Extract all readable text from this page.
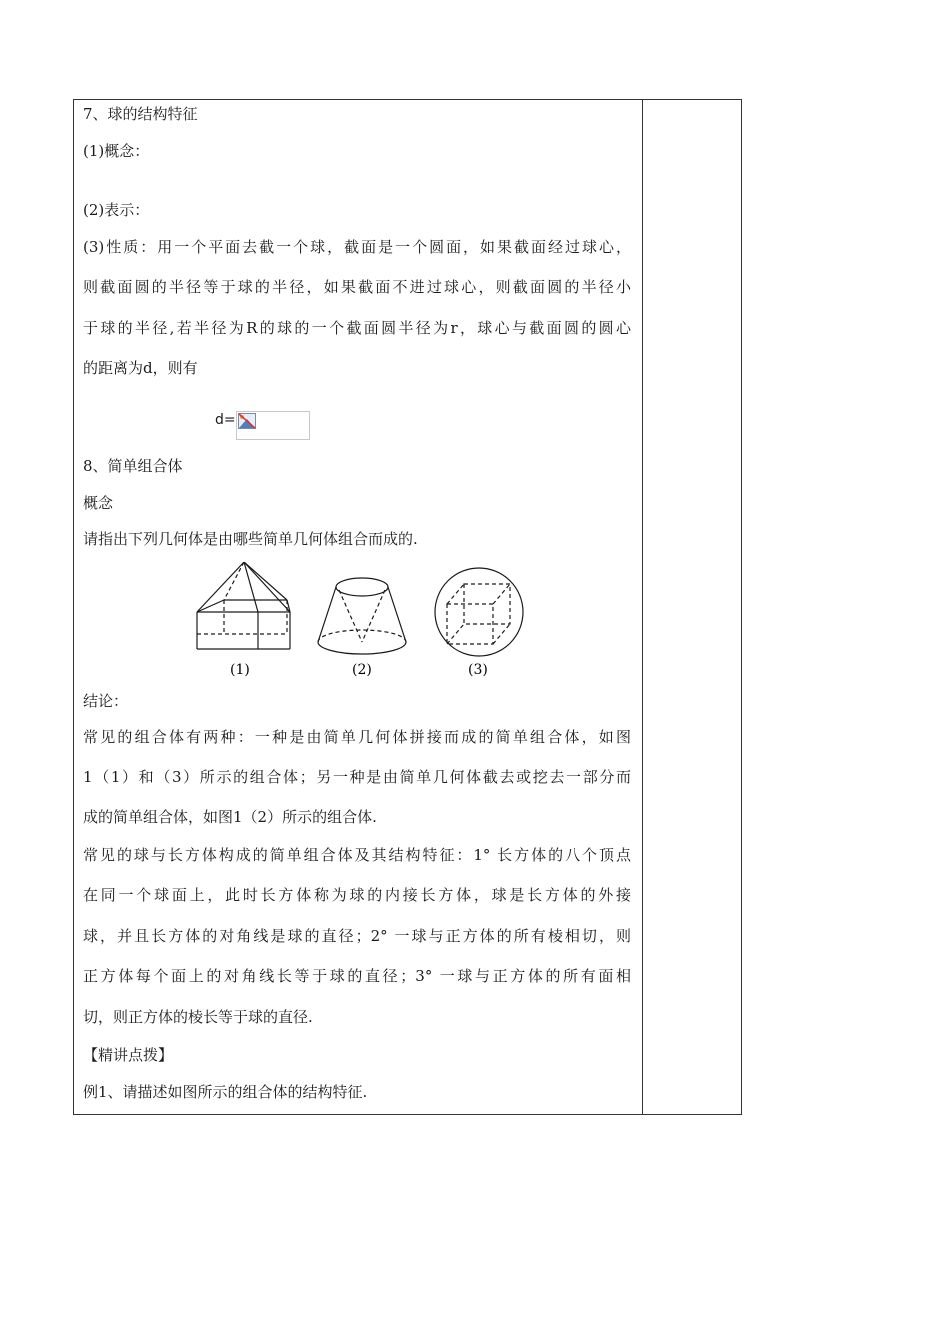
7、球的结构特征
(1)概念：
(2)表示：
(3)性质：用一个平面去截一个球，截面是一个圆面，如果截面经过球心，
则截面圆的半径等于球的半径，如果截面不进过球心，则截面圆的半径小
于球的半径,若半径为R的球的一个截面圆半径为r，球心与截面圆的圆心
的距离为d，则有
d=
8、简单组合体
概念
请指出下列几何体是由哪些简单几何体组合而成的.
(1)	(2)	(3)
结论：
常见的组合体有两种：一种是由简单几何体拼接而成的简单组合体，如图
1（1）和（3）所示的组合体；另一种是由简单几何体截去或挖去一部分而
成的简单组合体，如图1（2）所示的组合体.
常见的球与长方体构成的简单组合体及其结构特征：1° 长方体的八个顶点
在同一个球面上，此时长方体称为球的内接长方体，球是长方体的外接
球，并且长方体的对角线是球的直径；2° 一球与正方体的所有棱相切，则
正方体每个面上的对角线长等于球的直径；3° 一球与正方体的所有面相
切，则正方体的棱长等于球的直径.
【精讲点拨】
例1、请描述如图所示的组合体的结构特征.
